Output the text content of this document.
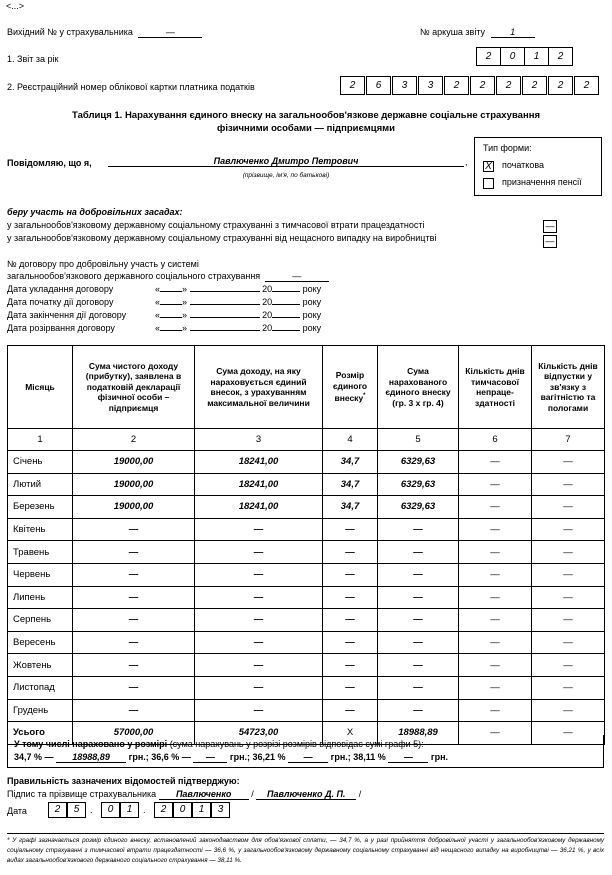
<...>
Вихідний № у страхувальника	—	№ аркуша звіту	1
1. Звіт за рік	2	0	1	2
2. Реєстраційний номер облікової картки платника податків	2	6	3	3	2	2	2	2	2	2
Таблиця 1. Нарахування єдиного внеску на загальнообов'язкове державне соціальне страхування
фізичними особами — підприємцями
Повідомляю, що я,	Павлюченко Дмитро Петрович	,
(прізвище, ім'я, по батькові)
Тип форми:
X початкова
призначення пенсії
беру участь на добровільних засадах:
у загальнообов'язковому державному соціальному страхуванні з тимчасової втрати працездатності
у загальнообов'язковому державному соціальному страхуванні від нещасного випадку на виробництві
—
—
№ договору про добровільну участь у системі
загальнообов'язкового державного соціального страхування	—
Дата укладання договору	« »	20	року
Дата початку дії договору	« »	20	року
Дата закінчення дії договору	« »	20	року
Дата розірвання договору	« »	20	року
Місяць	Сума чистого доходу (прибутку), заявлена в податковій декларації фізичної особи – підприємця	Сума доходу, на яку нараховується єдиний внесок, з урахуванням максимальної величини	Розмір єдиного внеску*	Сума нарахованого єдиного внеску (гр. 3 х гр. 4)	Кількість днів тимчасової непраце-здатності	Кількість днів відпустки у зв'язку з вагітністю та пологами
1	2	3	4	5	6	7
Січень	19000,00	18241,00	34,7	6329,63	—	—
Лютий	19000,00	18241,00	34,7	6329,63	—	—
Березень	19000,00	18241,00	34,7	6329,63	—	—
Квітень	—	—	—	—	—	—
Травень	—	—	—	—	—	—
Червень	—	—	—	—	—	—
Липень	—	—	—	—	—	—
Серпень	—	—	—	—	—	—
Вересень	—	—	—	—	—	—
Жовтень	—	—	—	—	—	—
Листопад	—	—	—	—	—	—
Грудень	—	—	—	—	—	—
Усього	57000,00	54723,00	Х	18988,89	—	—
У тому числі нараховано у розмірі (сума нарахувань у розрізі розмірів відповідає сумі графи 5):
34,7 % — 18988,89 грн.; 36,6 % — — грн.; 36,21 % — грн.; 38,11 % — грн.
Правильність зазначених відомостей підтверджую:
Підпис та прізвище страхувальника Павлюченко / Павлюченко Д. П. /
Дата	2	5	.	0	1	.	2	0	1	3
* У графі зазначається розмір єдиного внеску, встановлений законодавством для обов'язкової сплати, — 34,7 %, а у разі прийняття добровільної участі у загальнообов'язковому державному соціальному страхуванні з тимчасової втрати працездатності — 36,6 %, у загальнообов'язковому державному соціальному страхуванні від нещасного випадку на виробництві — 36,21 %, у всіх видах загальнообов'язкового державного соціального страхування — 38,11 %.
